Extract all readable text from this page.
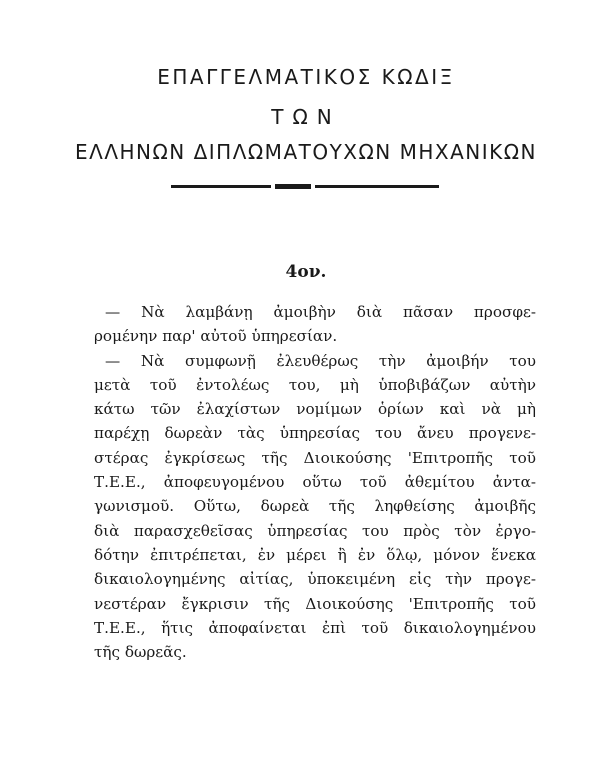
ΕΠΑΓΓΕΛΜΑΤΙΚΟΣ ΚΩΔΙΞ
ΤΩΝ
ΕΛΛΗΝΩΝ ΔΙΠΛΩΜΑΤΟΥΧΩΝ ΜΗΧΑΝΙΚΩΝ
4ον.
— Νὰ λαμβάνῃ ἀμοιβὴν διὰ πᾶσαν προσφε-
ρομένην παρ' αὐτοῦ ὑπηρεσίαν.
— Νὰ συμφωνῇ ἐλευθέρως τὴν ἀμοιβήν του
μετὰ τοῦ ἐντολέως του, μὴ ὑποβιβάζων αὐτὴν
κάτω τῶν ἐλαχίστων νομίμων ὁρίων καὶ νὰ μὴ
παρέχῃ δωρεὰν τὰς ὑπηρεσίας του ἄνευ προγενε-
στέρας ἐγκρίσεως τῆς Διοικούσης 'Επιτροπῆς τοῦ
Τ.Ε.Ε., ἀποφευγομένου οὕτω τοῦ ἀθεμίτου ἀντα-
γωνισμοῦ. Οὕτω, δωρεὰ τῆς ληφθείσης ἀμοιβῆς
διὰ παρασχεθεῖσας ὑπηρεσίας του πρὸς τὸν ἐργο-
δότην ἐπιτρέπεται, ἐν μέρει ἢ ἐν ὅλῳ, μόνον ἕνεκα
δικαιολογημένης αἰτίας, ὑποκειμένη εἰς τὴν προγε-
νεστέραν ἔγκρισιν τῆς Διοικούσης 'Επιτροπῆς τοῦ
Τ.Ε.Ε., ἥτις ἀποφαίνεται ἐπὶ τοῦ δικαιολογημένου
τῆς δωρεᾶς.
